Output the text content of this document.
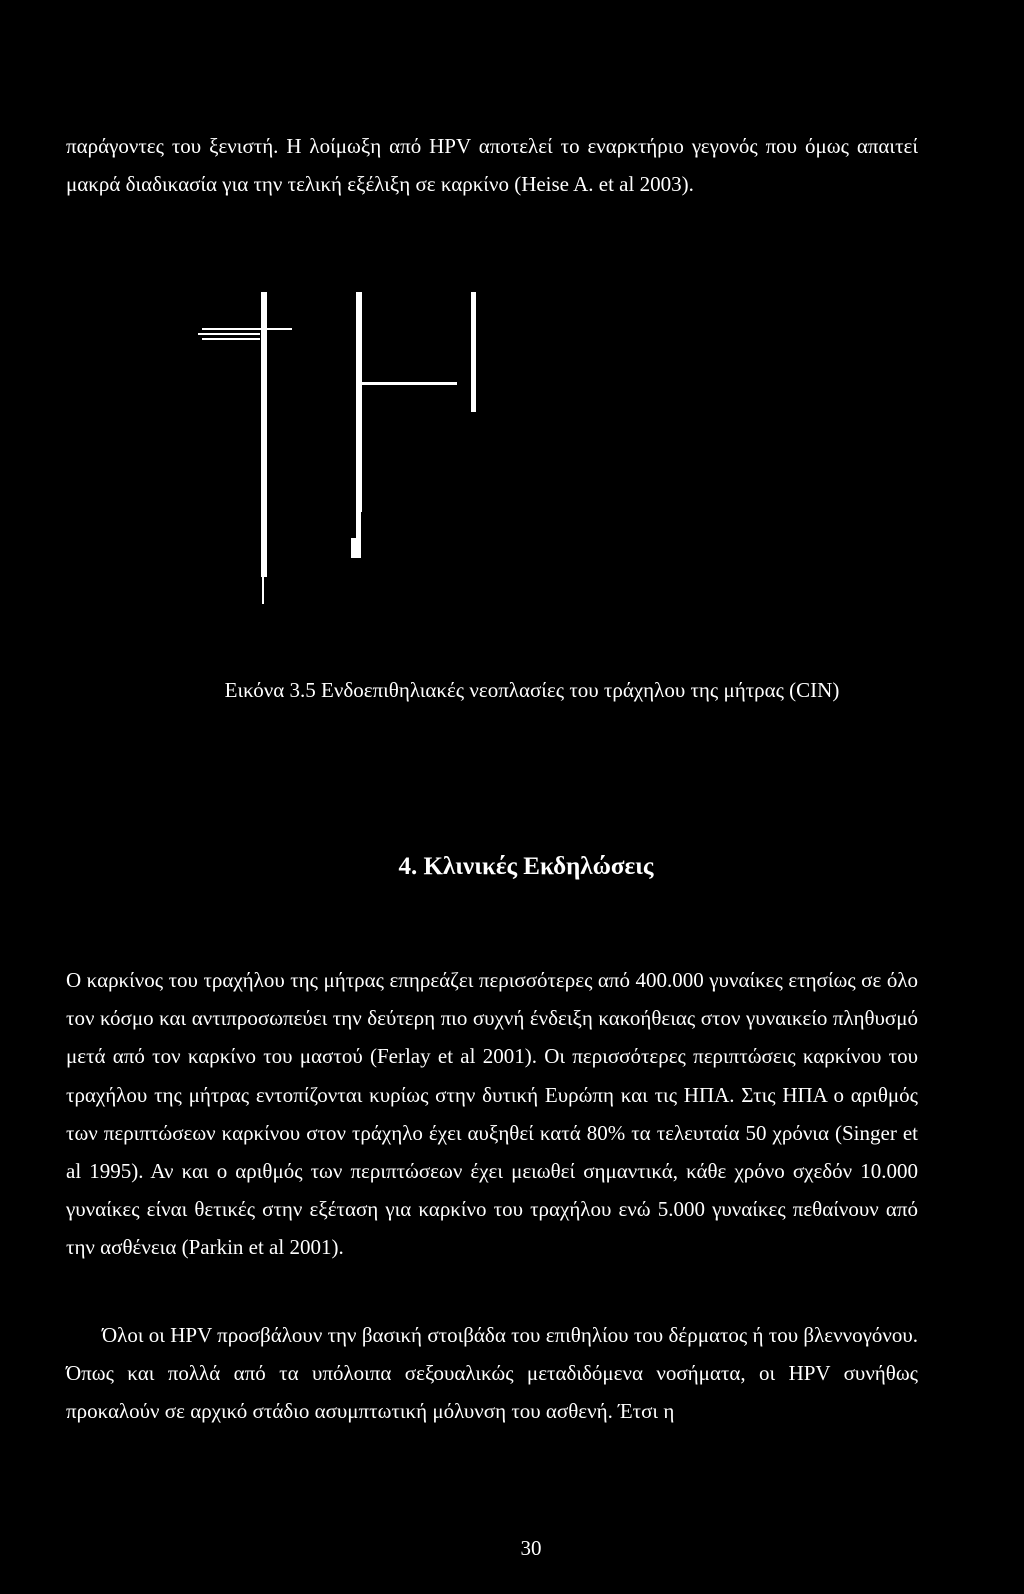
παράγοντες του ξενιστή. Η λοίμωξη από HPV αποτελεί το εναρκτήριο γεγονός που όμως απαιτεί μακρά διαδικασία για την τελική εξέλιξη σε καρκίνο (Heise A. et al 2003).

Εικόνα 3.5 Ενδοεπιθηλιακές νεοπλασίες του τράχηλου της μήτρας (CIN)

4. Κλινικές Εκδηλώσεις

Ο καρκίνος του τραχήλου της μήτρας επηρεάζει περισσότερες από 400.000 γυναίκες ετησίως σε όλο τον κόσμο και αντιπροσωπεύει την δεύτερη πιο συχνή ένδειξη κακοήθειας στον γυναικείο πληθυσμό μετά από τον καρκίνο του μαστού (Ferlay et al 2001). Οι περισσότερες περιπτώσεις καρκίνου του τραχήλου της μήτρας εντοπίζονται κυρίως στην δυτική Ευρώπη και τις ΗΠΑ. Στις ΗΠΑ ο αριθμός των περιπτώσεων καρκίνου στον τράχηλο έχει αυξηθεί κατά 80% τα τελευταία 50 χρόνια (Singer et al 1995). Αν και ο αριθμός των περιπτώσεων έχει μειωθεί σημαντικά, κάθε χρόνο σχεδόν 10.000 γυναίκες είναι θετικές στην εξέταση για καρκίνο του τραχήλου ενώ 5.000 γυναίκες πεθαίνουν από την ασθένεια (Parkin et al 2001).

Όλοι οι HPV προσβάλουν την βασική στοιβάδα του επιθηλίου του δέρματος ή του βλεννογόνου. Όπως και πολλά από τα υπόλοιπα σεξουαλικώς μεταδιδόμενα νοσήματα, οι HPV συνήθως προκαλούν σε αρχικό στάδιο ασυμπτωτική μόλυνση του ασθενή. Έτσι η

30
